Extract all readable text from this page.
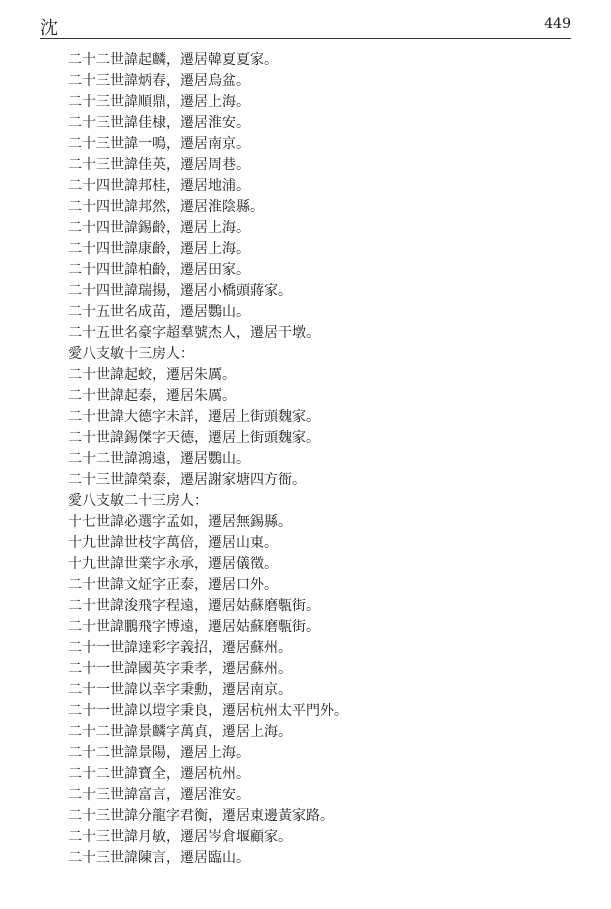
沈	449
二十二世諱起麟，遷居韓夏夏家。
二十三世諱炳春，遷居烏盆。
二十三世諱順鼎，遷居上海。
二十三世諱佳棣，遷居淮安。
二十三世諱一鳴，遷居南京。
二十三世諱佳英，遷居周巷。
二十四世諱邦桂，遷居地浦。
二十四世諱邦然，遷居淮陰縣。
二十四世諱錫齡，遷居上海。
二十四世諱康齡，遷居上海。
二十四世諱柏齡，遷居田家。
二十四世諱瑞揚，遷居小橋頭蔣家。
二十五世名成苗，遷居鸚山。
二十五世名豪字超羣號杰人，遷居干墩。
愛八支敏十三房人：
二十世諱起蛟，遷居朱厲。
二十世諱起泰，遷居朱厲。
二十世諱大德字未詳，遷居上街頭魏家。
二十世諱錫傑字天德，遷居上街頭魏家。
二十二世諱鴻遠，遷居鸚山。
二十三世諱榮泰，遷居謝家塘四方衙。
愛八支敏二十三房人：
十七世諱必選字孟如，遷居無錫縣。
十九世諱世枝字萬倍，遷居山東。
十九世諱世業字永承，遷居儀徵。
二十世諱文炡字正泰，遷居口外。
二十世諱浚飛字程遠，遷居姑蘇磨甎街。
二十世諱鵬飛字博遠，遷居姑蘇磨甎街。
二十一世諱達彩字義招，遷居蘇州。
二十一世諱國英字秉孝，遷居蘇州。
二十一世諱以幸字秉勳，遷居南京。
二十一世諱以塏字秉良，遷居杭州太平門外。
二十二世諱景麟字萬貞，遷居上海。
二十二世諱景陽，遷居上海。
二十二世諱寶全，遷居杭州。
二十三世諱富言，遷居淮安。
二十三世諱分龍字君衡，遷居東邊黃家路。
二十三世諱月敏，遷居岑倉堰顧家。
二十三世諱陳言，遷居臨山。
